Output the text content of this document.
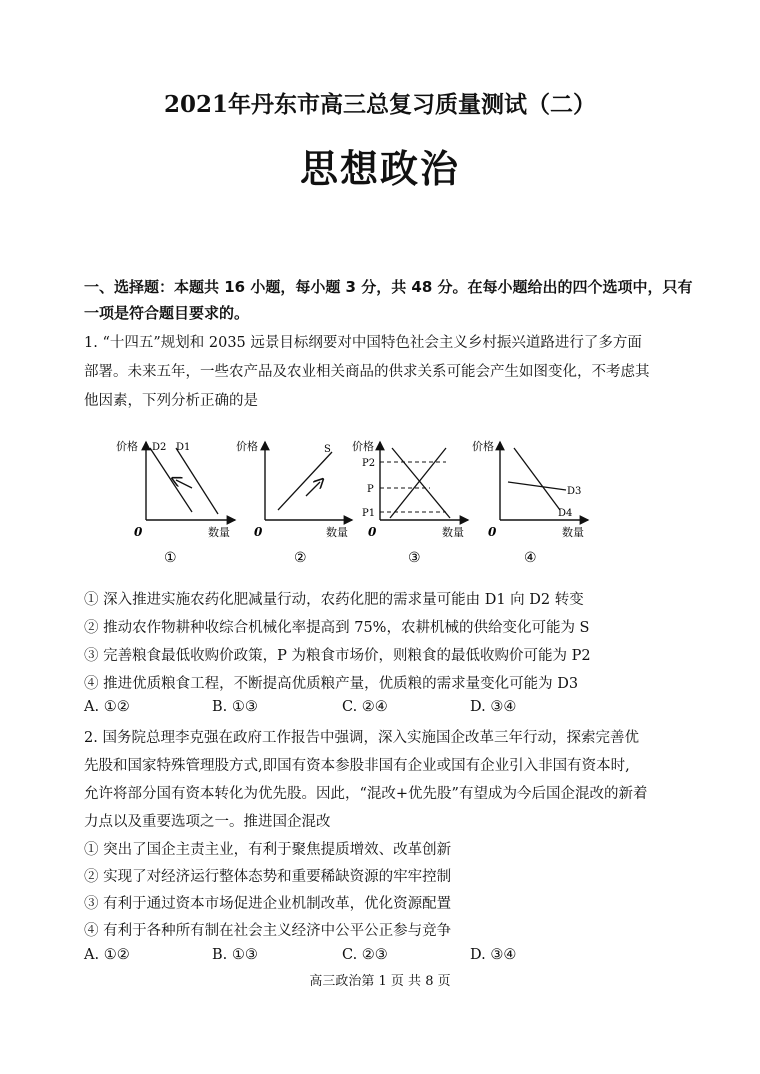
2021年丹东市高三总复习质量测试（二）
思想政治
一、选择题：本题共 16 小题，每小题 3 分，共 48 分。在每小题给出的四个选项中，只有
一项是符合题目要求的。
1. “十四五”规划和 2035 远景目标纲要对中国特色社会主义乡村振兴道路进行了多方面
部署。未来五年，一些农产品及农业相关商品的供求关系可能会产生如图变化，不考虑其
他因素，下列分析正确的是
价格
数量
0
D2 D1
①
价格
数量
0
S
②
价格
数量
0
P2
P
P1
③
价格
数量
0
D3
D4
④
① 深入推进实施农药化肥减量行动，农药化肥的需求量可能由 D1 向 D2 转变
② 推动农作物耕种收综合机械化率提高到 75%，农耕机械的供给变化可能为 S
③ 完善粮食最低收购价政策，P 为粮食市场价，则粮食的最低收购价可能为 P2
④ 推进优质粮食工程，不断提高优质粮产量，优质粮的需求量变化可能为 D3
A. ①②	B. ①③	C. ②④	D. ③④
2. 国务院总理李克强在政府工作报告中强调，深入实施国企改革三年行动，探索完善优
先股和国家特殊管理股方式,即国有资本参股非国有企业或国有企业引入非国有资本时,
允许将部分国有资本转化为优先股。因此，“混改+优先股”有望成为今后国企混改的新着
力点以及重要选项之一。推进国企混改
① 突出了国企主责主业，有利于聚焦提质增效、改革创新
② 实现了对经济运行整体态势和重要稀缺资源的牢牢控制
③ 有利于通过资本市场促进企业机制改革，优化资源配置
④ 有利于各种所有制在社会主义经济中公平公正参与竞争
A. ①②	B. ①③	C. ②③	D. ③④
高三政治第 1 页 共 8 页
